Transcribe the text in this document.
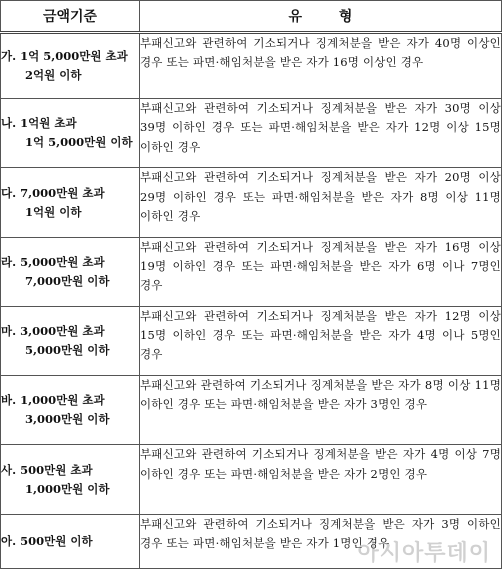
금액기준	유 형

가. 1억 5,000만원 초과
2억원 이하	부패신고와 관련하여 기소되거나 징계처분을 받은 자가 40명 이상인 경우 또는 파면·해임처분을 받은 자가 16명 이상인 경우

나. 1억원 초과
1억 5,000만원 이하	부패신고와 관련하여 기소되거나 징계처분을 받은 자가 30명 이상 39명 이하인 경우 또는 파면·해임처분을 받은 자가 12명 이상 15명 이하인 경우

다. 7,000만원 초과
1억원 이하	부패신고와 관련하여 기소되거나 징계처분을 받은 자가 20명 이상 29명 이하인 경우 또는 파면·해임처분을 받은 자가 8명 이상 11명 이하인 경우

라. 5,000만원 초과
7,000만원 이하	부패신고와 관련하여 기소되거나 징계처분을 받은 자가 16명 이상 19명 이하인 경우 또는 파면·해임처분을 받은 자가 6명 이나 7명인 경우

마. 3,000만원 초과
5,000만원 이하	부패신고와 관련하여 기소되거나 징계처분을 받은 자가 12명 이상 15명 이하인 경우 또는 파면·해임처분을 받은 자가 4명 이나 5명인 경우

바. 1,000만원 초과
3,000만원 이하	부패신고와 관련하여 기소되거나 징계처분을 받은 자가 8명 이상 11명 이하인 경우 또는 파면·해임처분을 받은 자가 3명인 경우

사. 500만원 초과
1,000만원 이하	부패신고와 관련하여 기소되거나 징계처분을 받은 자가 4명 이상 7명 이하인 경우 또는 파면·해임처분을 받은 자가 2명인 경우

아. 500만원 이하	부패신고와 관련하여 기소되거나 징계처분을 받은 자가 3명 이하인 경우 또는 파면·해임처분을 받은 자가 1명인 경우
아시아투데이
